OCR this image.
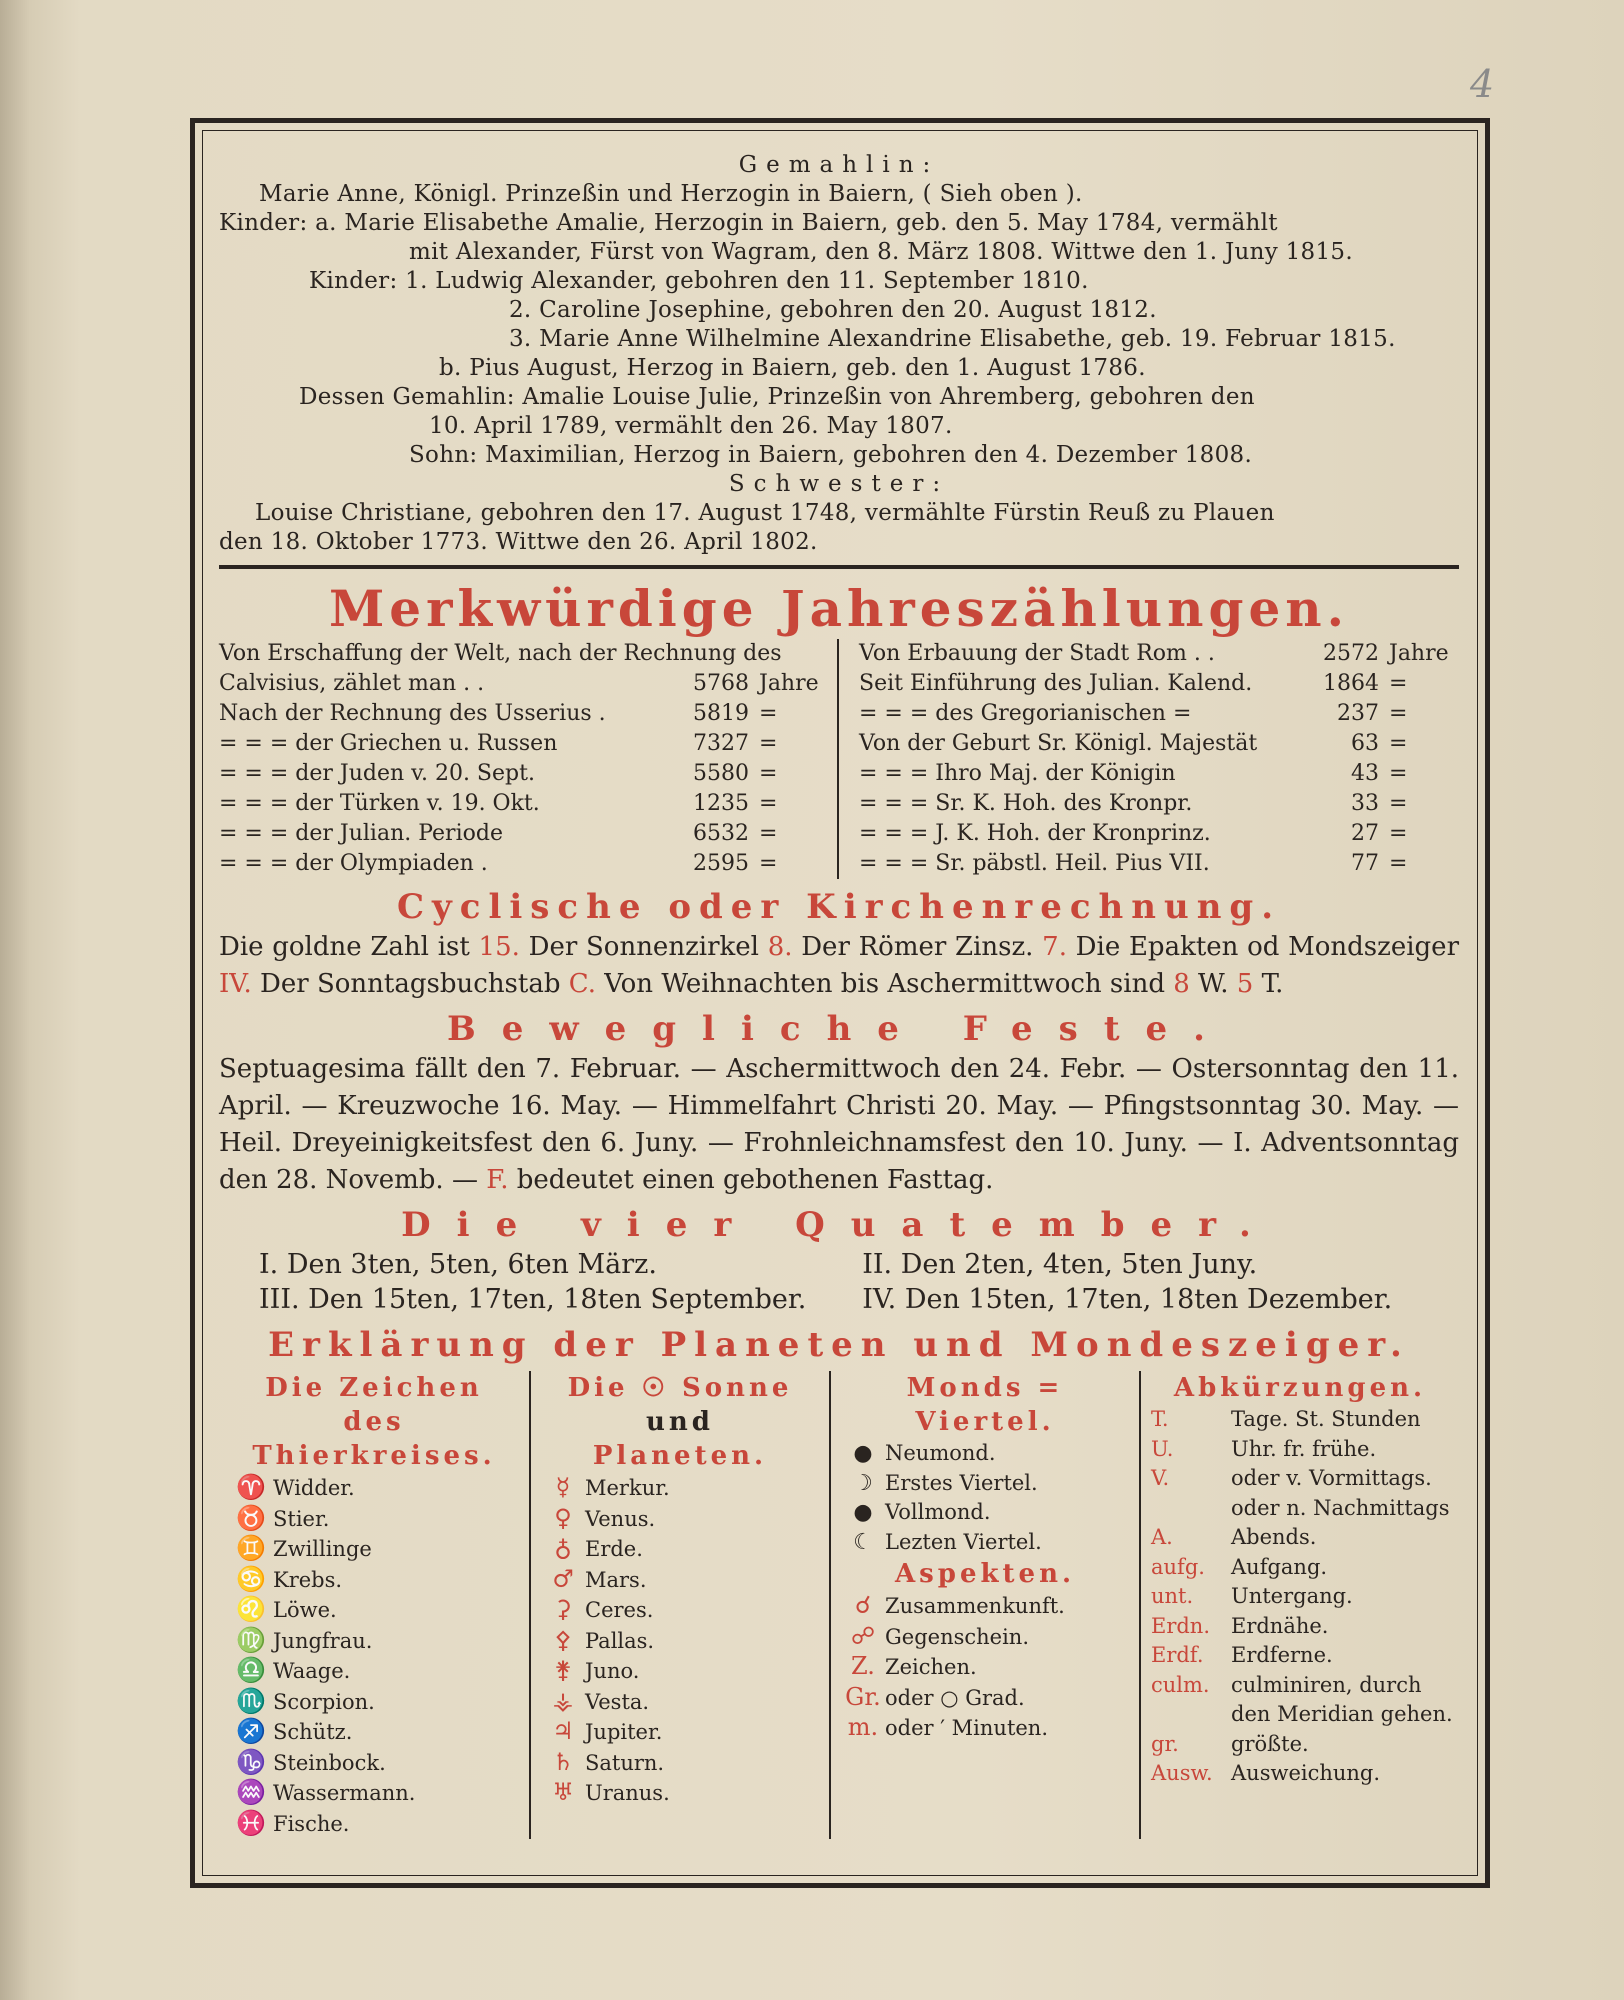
4
Gemahlin:
Marie Anne, Königl. Prinzeßin und Herzogin in Baiern, ( Sieh oben ).
Kinder: a. Marie Elisabethe Amalie, Herzogin in Baiern, geb. den 5. May 1784, vermählt
mit Alexander, Fürst von Wagram, den 8. März 1808. Wittwe den 1. Juny 1815.
Kinder: 1. Ludwig Alexander, gebohren den 11. September 1810.
2. Caroline Josephine, gebohren den 20. August 1812.
3. Marie Anne Wilhelmine Alexandrine Elisabethe, geb. 19. Februar 1815.
b. Pius August, Herzog in Baiern, geb. den 1. August 1786.
Dessen Gemahlin: Amalie Louise Julie, Prinzeßin von Ahremberg, gebohren den
10. April 1789, vermählt den 26. May 1807.
Sohn: Maximilian, Herzog in Baiern, gebohren den 4. Dezember 1808.
Schwester:
Louise Christiane, gebohren den 17. August 1748, vermählte Fürstin Reuß zu Plauen
den 18. Oktober 1773. Wittwe den 26. April 1802.
Merkwürdige Jahreszählungen.
Von Erschaffung der Welt, nach der Rechnung des
Calvisius, zählet man . .	5768 Jahre
Nach der Rechnung des Usserius .	5819 =
= = = der Griechen u. Russen	7327 =
= = = der Juden v. 20. Sept.	5580 =
= = = der Türken v. 19. Okt.	1235 =
= = = der Julian. Periode	6532 =
= = = der Olympiaden .	2595 =
Von Erbauung der Stadt Rom . .	2572 Jahre
Seit Einführung des Julian. Kalend.	1864 =
= = = des Gregorianischen =	237 =
Von der Geburt Sr. Königl. Majestät	63 =
= = = Ihro Maj. der Königin	43 =
= = = Sr. K. Hoh. des Kronpr.	33 =
= = = J. K. Hoh. der Kronprinz.	27 =
= = = Sr. päbstl. Heil. Pius VII.	77 =
Cyclische oder Kirchenrechnung.
Die goldne Zahl ist 15. Der Sonnenzirkel 8. Der Römer Zinsz. 7. Die Epakten od Mondszeiger IV. Der Sonntagsbuchstab C. Von Weihnachten bis Aschermittwoch sind 8 W. 5 T.
Bewegliche Feste.
Septuagesima fällt den 7. Februar. — Aschermittwoch den 24. Febr. — Ostersonntag den 11. April. — Kreuzwoche 16. May. — Himmelfahrt Christi 20. May. — Pfingstsonntag 30. May. — Heil. Dreyeinigkeitsfest den 6. Juny. — Frohnleichnamsfest den 10. Juny. — I. Adventsonntag den 28. Novemb. — F. bedeutet einen gebothenen Fasttag.
Die vier Quatember.
I. Den 3ten, 5ten, 6ten März.	II. Den 2ten, 4ten, 5ten Juny.
III. Den 15ten, 17ten, 18ten September.	IV. Den 15ten, 17ten, 18ten Dezember.
Erklärung der Planeten und Mondeszeiger.
Die Zeichen
des Thierkreises.
♈ Widder.
♉ Stier.
♊ Zwillinge
♋ Krebs.
♌ Löwe.
♍ Jungfrau.
♎ Waage.
♏ Scorpion.
♐ Schütz.
♑ Steinbock.
♒ Wassermann.
♓ Fische.
Die ☉ Sonne
und
Planeten.
☿ Merkur.
♀ Venus.
♁ Erde.
♂ Mars.
⚳ Ceres.
⚴ Pallas.
⚵ Juno.
⚶ Vesta.
♃ Jupiter.
♄ Saturn.
♅ Uranus.
Monds = Viertel.
● Neumond.
☽ Erstes Viertel.
● Vollmond.
☾ Lezten Viertel.
Aspekten.
☌ Zusammenkunft.
☍ Gegenschein.
Z. Zeichen.
Gr. oder ○ Grad.
m. oder ′ Minuten.
Abkürzungen.
T.	Tage. St. Stunden
U.	Uhr. fr. frühe.
V.	oder v. Vormittags.
oder n. Nachmittags
A.	Abends.
aufg. Aufgang.
unt. Untergang.
Erdn. Erdnähe.
Erdf. Erdferne.
culm. culminiren, durch
den Meridian gehen.
gr. größte.
Ausw. Ausweichung.
